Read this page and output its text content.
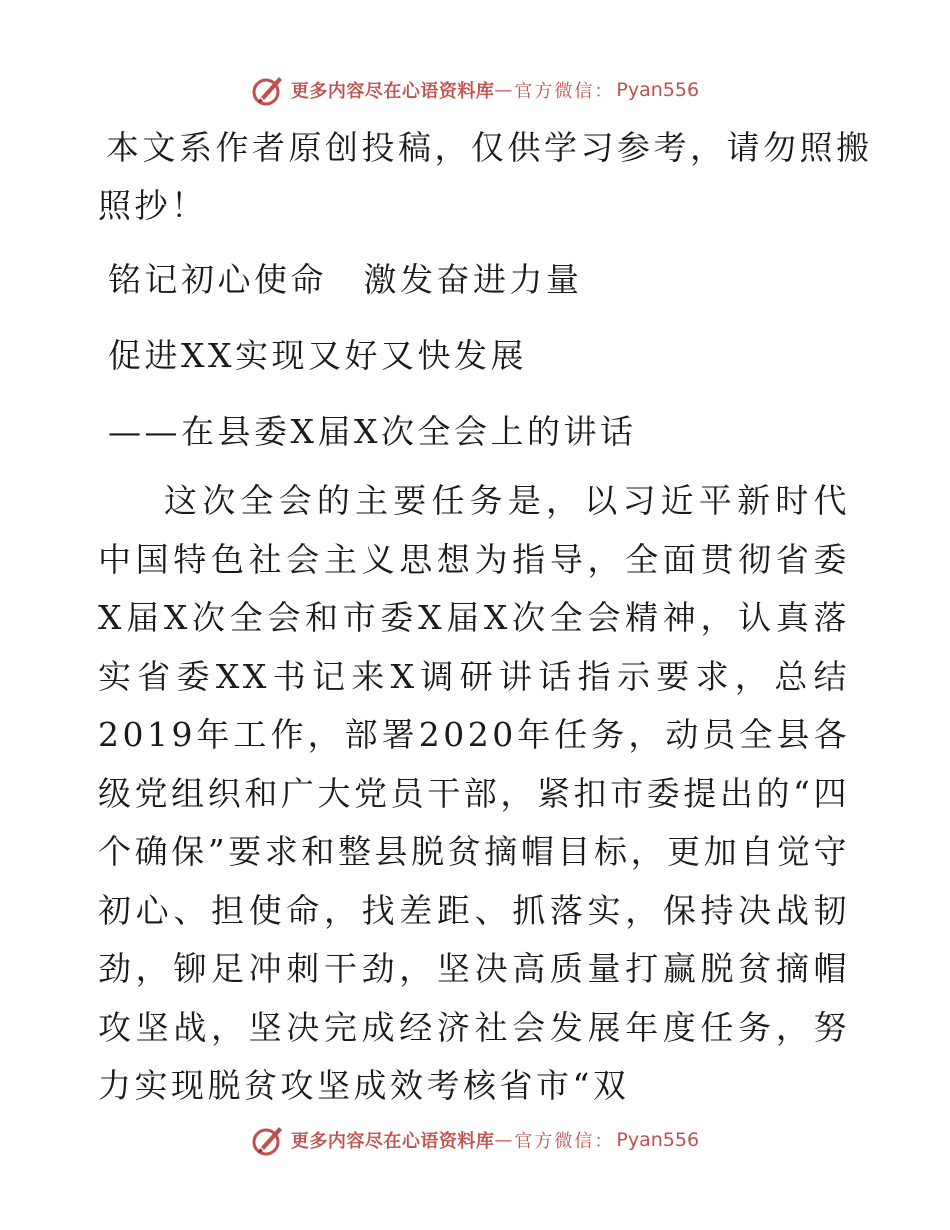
更多内容尽在心语资料库 — 官方微信： Pyan556
本文系作者原创投稿，仅供学习参考，请勿照搬
照抄！
铭记初心使命　激发奋进力量
促进XX实现又好又快发展
——在县委X届X次全会上的讲话

这次全会的主要任务是，以习近平新时代中国特色社会主义思想为指导，全面贯彻省委X届X次全会和市委X届X次全会精神，认真落实省委XX书记来X调研讲话指示要求，总结2019年工作，部署2020年任务，动员全县各级党组织和广大党员干部，紧扣市委提出的“四个确保”要求和整县脱贫摘帽目标，更加自觉守初心、担使命，找差距、抓落实，保持决战韧劲，铆足冲刺干劲，坚决高质量打赢脱贫摘帽攻坚战，坚决完成经济社会发展年度任务，努力实现脱贫攻坚成效考核省市“双

更多内容尽在心语资料库 — 官方微信： Pyan556
